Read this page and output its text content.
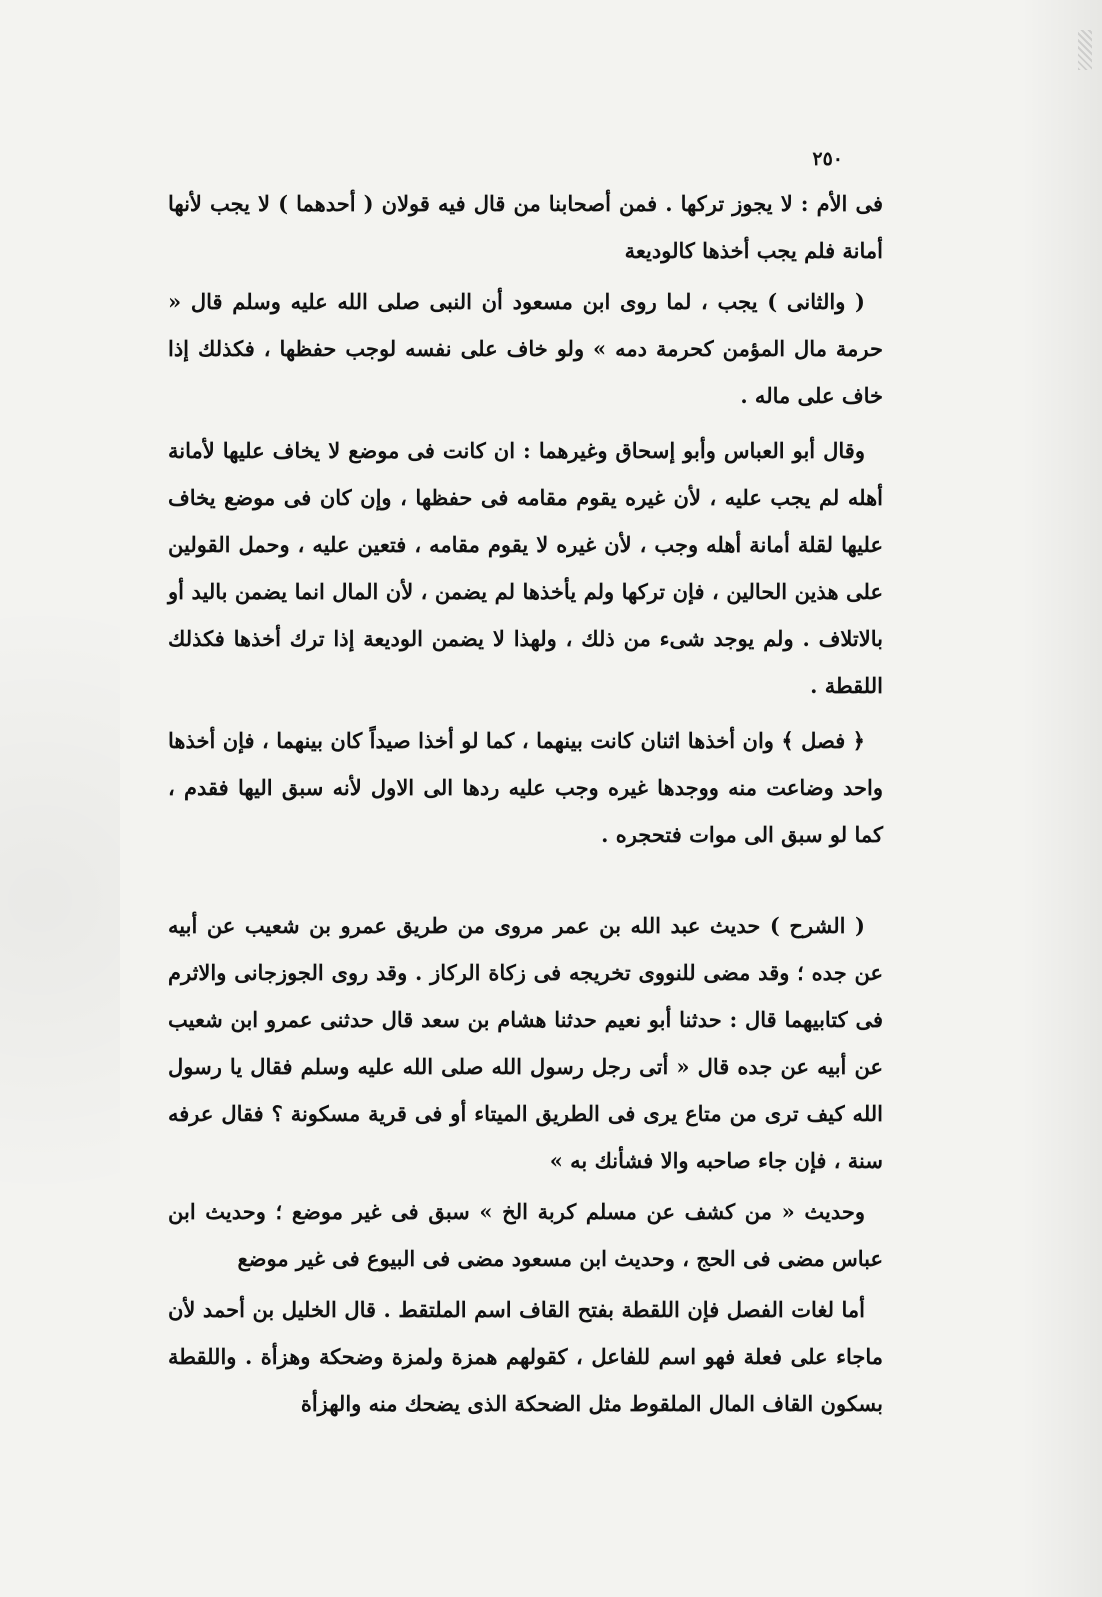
٢٥٠

فى الأم : لا يجوز تركها . فمن أصحابنا من قال فيه قولان ( أحدهما ) لا يجب لأنها أمانة فلم يجب أخذها كالوديعة

( والثانى ) يجب ، لما روى ابن مسعود أن النبى صلى الله عليه وسلم قال « حرمة مال المؤمن كحرمة دمه » ولو خاف على نفسه لوجب حفظها ، فكذلك إذا خاف على ماله .

وقال أبو العباس وأبو إسحاق وغيرهما : ان كانت فى موضع لا يخاف عليها لأمانة أهله لم يجب عليه ، لأن غيره يقوم مقامه فى حفظها ، وإن كان فى موضع يخاف عليها لقلة أمانة أهله وجب ، لأن غيره لا يقوم مقامه ، فتعين عليه ، وحمل القولين على هذين الحالين ، فإن تركها ولم يأخذها لم يضمن ، لأن المال انما يضمن باليد أو بالاتلاف . ولم يوجد شىء من ذلك ، ولهذا لا يضمن الوديعة إذا ترك أخذها فكذلك اللقطة .

﴿ فصل ﴾ وان أخذها اثنان كانت بينهما ، كما لو أخذا صيداً كان بينهما ، فإن أخذها واحد وضاعت منه ووجدها غيره وجب عليه ردها الى الاول لأنه سبق اليها فقدم ، كما لو سبق الى موات فتحجره .

( الشرح ) حديث عبد الله بن عمر مروى من طريق عمرو بن شعيب عن أبيه عن جده ؛ وقد مضى للنووى تخريجه فى زكاة الركاز . وقد روى الجوزجانى والاثرم فى كتابيهما قال : حدثنا أبو نعيم حدثنا هشام بن سعد قال حدثنى عمرو ابن شعيب عن أبيه عن جده قال « أتى رجل رسول الله صلى الله عليه وسلم فقال يا رسول الله كيف ترى من متاع يرى فى الطريق الميتاء أو فى قرية مسكونة ؟ فقال عرفه سنة ، فإن جاء صاحبه والا فشأنك به »

وحديث « من كشف عن مسلم كربة الخ » سبق فى غير موضع ؛ وحديث ابن عباس مضى فى الحج ، وحديث ابن مسعود مضى فى البيوع فى غير موضع

أما لغات الفصل فإن اللقطة بفتح القاف اسم الملتقط . قال الخليل بن أحمد لأن ماجاء على فعلة فهو اسم للفاعل ، كقولهم همزة ولمزة وضحكة وهزأة . واللقطة بسكون القاف المال الملقوط مثل الضحكة الذى يضحك منه والهزأة
